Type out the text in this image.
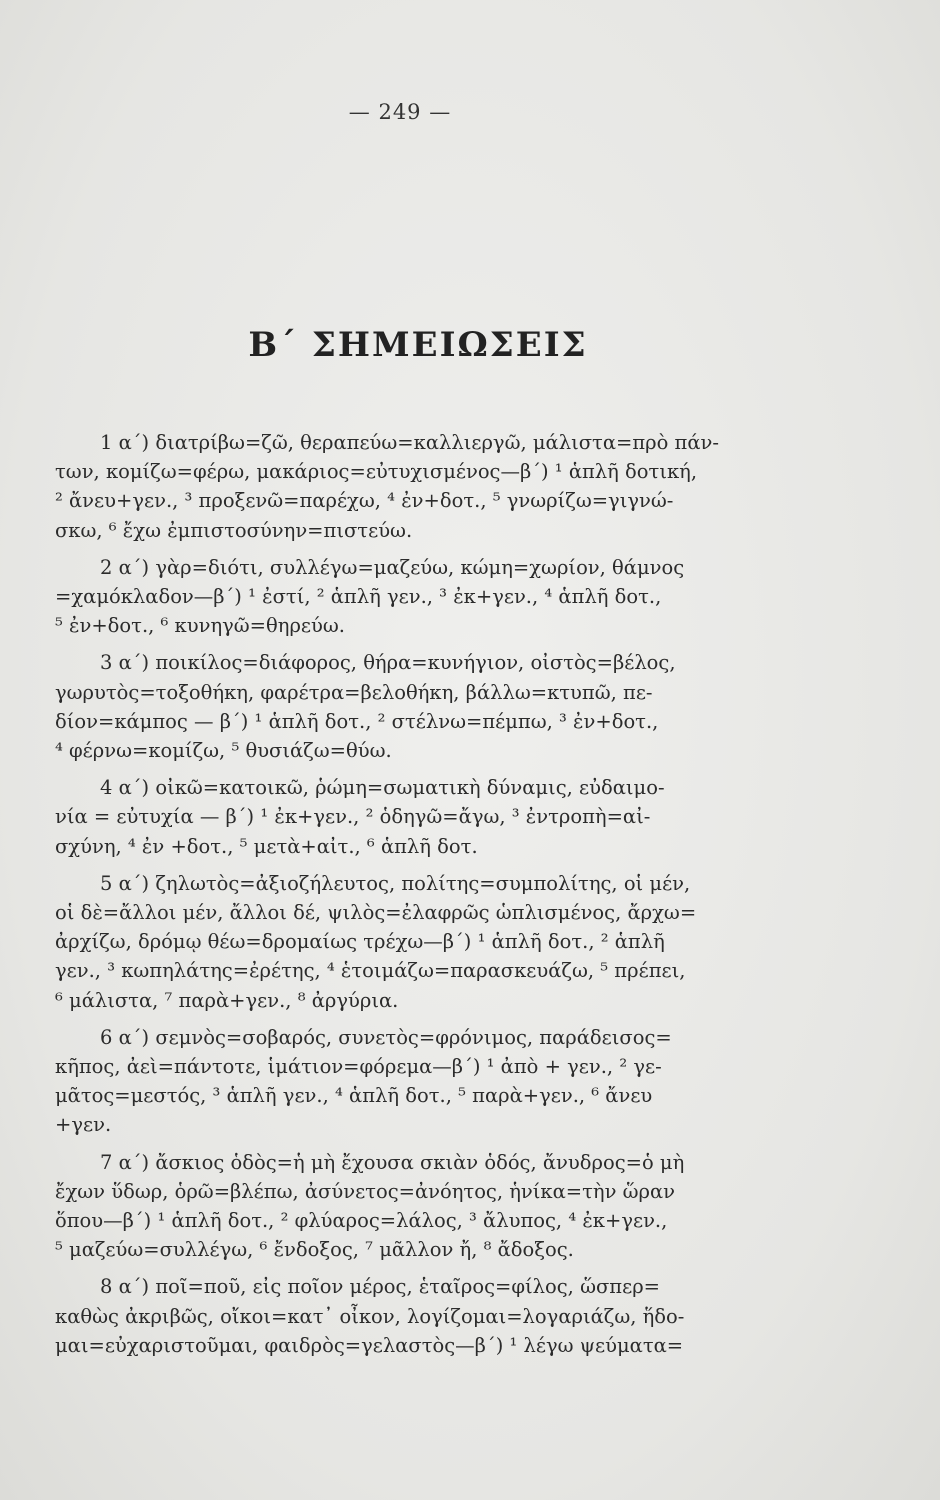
— 249 —
Β΄ ΣΗΜΕΙΩΣΕΙΣ
1 α΄) διατρίβω=ζῶ, θεραπεύω=καλλιεργῶ, μάλιστα=πρὸ πάν-
των, κομίζω=φέρω, μακάριος=εὐτυχισμένος—β΄) ¹ ἁπλῆ δοτική,
² ἄνευ+γεν., ³ προξενῶ=παρέχω, ⁴ ἐν+δοτ., ⁵ γνωρίζω=γιγνώ-
σκω, ⁶ ἔχω ἐμπιστοσύνην=πιστεύω.
2 α΄) γὰρ=διότι, συλλέγω=μαζεύω, κώμη=χωρίον, θάμνος
=χαμόκλαδον—β΄) ¹ ἐστί, ² ἁπλῆ γεν., ³ ἐκ+γεν., ⁴ ἁπλῆ δοτ.,
⁵ ἐν+δοτ., ⁶ κυνηγῶ=θηρεύω.
3 α΄) ποικίλος=διάφορος, θήρα=κυνήγιον, οἰστὸς=βέλος,
γωρυτὸς=τοξοθήκη, φαρέτρα=βελοθήκη, βάλλω=κτυπῶ, πε-
δίον=κάμπος — β΄) ¹ ἁπλῆ δοτ., ² στέλνω=πέμπω, ³ ἐν+δοτ.,
⁴ φέρνω=κομίζω, ⁵ θυσιάζω=θύω.
4 α΄) οἰκῶ=κατοικῶ, ῥώμη=σωματικὴ δύναμις, εὐδαιμο-
νία = εὐτυχία — β΄) ¹ ἐκ+γεν., ² ὁδηγῶ=ἄγω, ³ ἐντροπὴ=αἰ-
σχύνη, ⁴ ἐν +δοτ., ⁵ μετὰ+αἰτ., ⁶ ἁπλῆ δοτ.
5 α΄) ζηλωτὸς=ἀξιοζήλευτος, πολίτης=συμπολίτης, οἱ μέν,
οἱ δὲ=ἄλλοι μέν, ἄλλοι δέ, ψιλὸς=ἐλαφρῶς ὡπλισμένος, ἄρχω=
ἀρχίζω, δρόμῳ θέω=δρομαίως τρέχω—β΄) ¹ ἁπλῆ δοτ., ² ἁπλῆ
γεν., ³ κωπηλάτης=ἐρέτης, ⁴ ἑτοιμάζω=παρασκευάζω, ⁵ πρέπει,
⁶ μάλιστα, ⁷ παρὰ+γεν., ⁸ ἀργύρια.
6 α΄) σεμνὸς=σοβαρός, συνετὸς=φρόνιμος, παράδεισος=
κῆπος, ἀεὶ=πάντοτε, ἱμάτιον=φόρεμα—β΄) ¹ ἀπὸ + γεν., ² γε-
μᾶτος=μεστός, ³ ἁπλῆ γεν., ⁴ ἁπλῆ δοτ., ⁵ παρὰ+γεν., ⁶ ἄνευ
+γεν.
7 α΄) ἄσκιος ὁδὸς=ἡ μὴ ἔχουσα σκιὰν ὁδός, ἄνυδρος=ὁ μὴ
ἔχων ὕδωρ, ὁρῶ=βλέπω, ἀσύνετος=ἀνόητος, ἡνίκα=τὴν ὥραν
ὅπου—β΄) ¹ ἁπλῆ δοτ., ² φλύαρος=λάλος, ³ ἄλυπος, ⁴ ἐκ+γεν.,
⁵ μαζεύω=συλλέγω, ⁶ ἔνδοξος, ⁷ μᾶλλον ἤ, ⁸ ἄδοξος.
8 α΄) ποῖ=ποῦ, εἰς ποῖον μέρος, ἑταῖρος=φίλος, ὥσπερ=
καθὼς ἀκριβῶς, οἴκοι=κατ᾽ οἶκον, λογίζομαι=λογαριάζω, ἥδο-
μαι=εὐχαριστοῦμαι, φαιδρὸς=γελαστὸς—β΄) ¹ λέγω ψεύματα=
